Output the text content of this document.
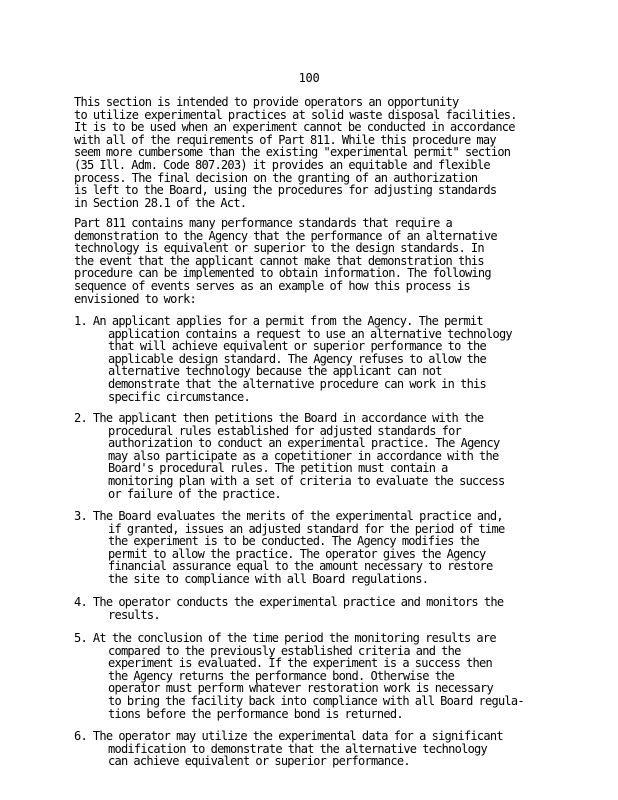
100
This section is intended to provide operators an opportunity
to utilize experimental practices at solid waste disposal facilities.
It is to be used when an experiment cannot be conducted in accordance
with all of the requirements of Part 811. While this procedure may
seem more cumbersome than the existing "experimental permit" section
(35 Ill. Adm. Code 807.203) it provides an equitable and flexible
process. The final decision on the granting of an authorization
is left to the Board, using the procedures for adjusting standards
in Section 28.1 of the Act.
Part 811 contains many performance standards that require a
demonstration to the Agency that the performance of an alternative
technology is equivalent or superior to the design standards. In
the event that the applicant cannot make that demonstration this
procedure can be implemented to obtain information. The following
sequence of events serves as an example of how this process is
envisioned to work:
1. An applicant applies for a permit from the Agency. The permit
application contains a request to use an alternative technology
that will achieve equivalent or superior performance to the
applicable design standard. The Agency refuses to allow the
alternative technology because the applicant can not
demonstrate that the alternative procedure can work in this
specific circumstance.
2. The applicant then petitions the Board in accordance with the
procedural rules established for adjusted standards for
authorization to conduct an experimental practice. The Agency
may also participate as a copetitioner in accordance with the
Board's procedural rules. The petition must contain a
monitoring plan with a set of criteria to evaluate the success
or failure of the practice.
3. The Board evaluates the merits of the experimental practice and,
if granted, issues an adjusted standard for the period of time
the experiment is to be conducted. The Agency modifies the
permit to allow the practice. The operator gives the Agency
financial assurance equal to the amount necessary to restore
the site to compliance with all Board regulations.
4. The operator conducts the experimental practice and monitors the
results.
5. At the conclusion of the time period the monitoring results are
compared to the previously established criteria and the
experiment is evaluated. If the experiment is a success then
the Agency returns the performance bond. Otherwise the
operator must perform whatever restoration work is necessary
to bring the facility back into compliance with all Board regula-
tions before the performance bond is returned.
6. The operator may utilize the experimental data for a significant
modification to demonstrate that the alternative technology
can achieve equivalent or superior performance.
